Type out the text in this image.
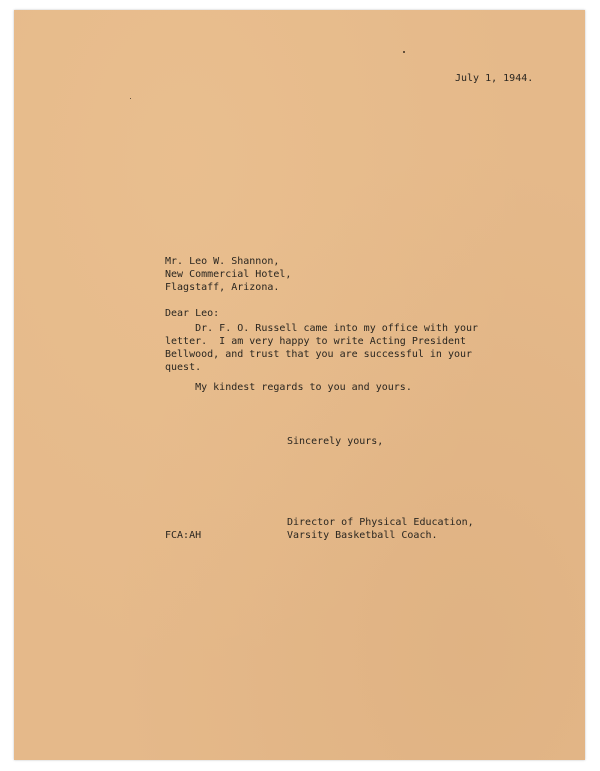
July 1, 1944.

Mr. Leo W. Shannon,

New Commercial Hotel,

Flagstaff, Arizona.

Dear Leo:

Dr. F. O. Russell came into my office with your

letter.  I am very happy to write Acting President

Bellwood, and trust that you are successful in your

quest.

My kindest regards to you and yours.

Sincerely yours,

Director of Physical Education,

Varsity Basketball Coach.

FCA:AH
